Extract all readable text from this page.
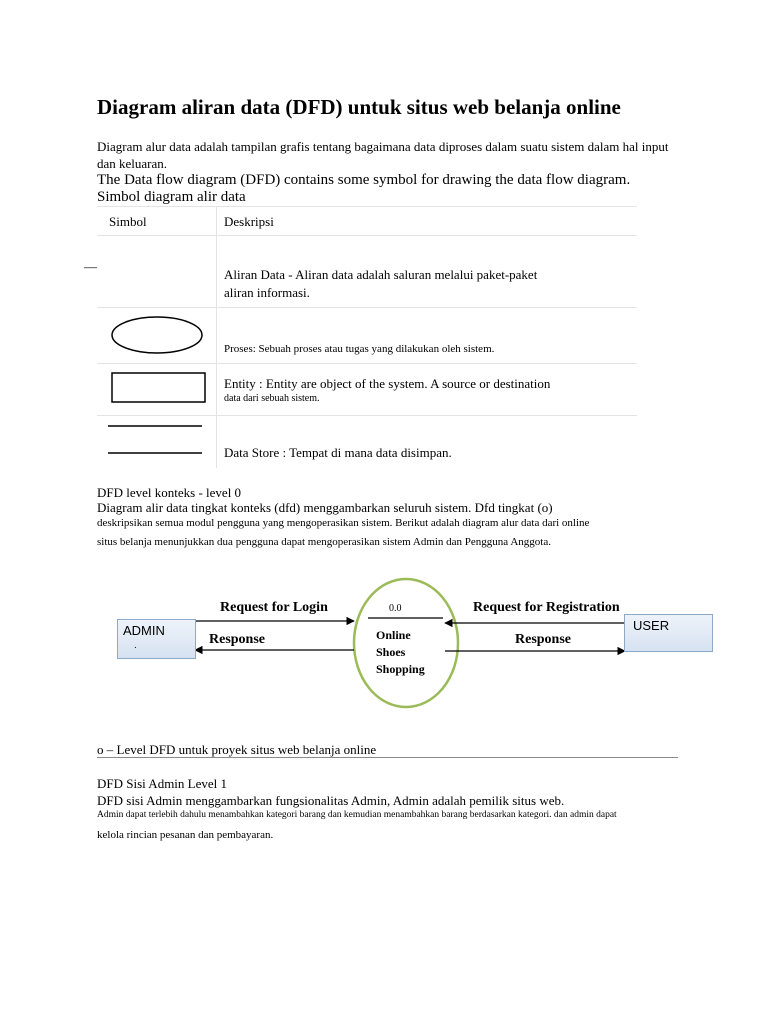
Diagram aliran data (DFD) untuk situs web belanja online
Diagram alur data adalah tampilan grafis tentang bagaimana data diproses dalam suatu sistem dalam hal input
dan keluaran.
The Data flow diagram (DFD) contains some symbol for drawing the data flow diagram.
Simbol diagram alir data
Simbol	Deskripsi
Aliran Data - Aliran data adalah saluran melalui paket-paket
aliran informasi.
Proses: Sebuah proses atau tugas yang dilakukan oleh sistem.
Entity : Entity are object of the system. A source or destination
data dari sebuah sistem.
Data Store : Tempat di mana data disimpan.
—
DFD level konteks - level 0
Diagram alir data tingkat konteks (dfd) menggambarkan seluruh sistem. Dfd tingkat (o)
deskripsikan semua modul pengguna yang mengoperasikan sistem. Berikut adalah diagram alur data dari online
situs belanja menunjukkan dua pengguna dapat mengoperasikan sistem Admin dan Pengguna Anggota.
ADMIN
.
USER
Request for Login
Response
Request for Registration
Response
0.0
Online
Shoes
Shopping
o – Level DFD untuk proyek situs web belanja online
DFD Sisi Admin Level 1
DFD sisi Admin menggambarkan fungsionalitas Admin, Admin adalah pemilik situs web.
Admin dapat terlebih dahulu menambahkan kategori barang dan kemudian menambahkan barang berdasarkan kategori. dan admin dapat
kelola rincian pesanan dan pembayaran.
